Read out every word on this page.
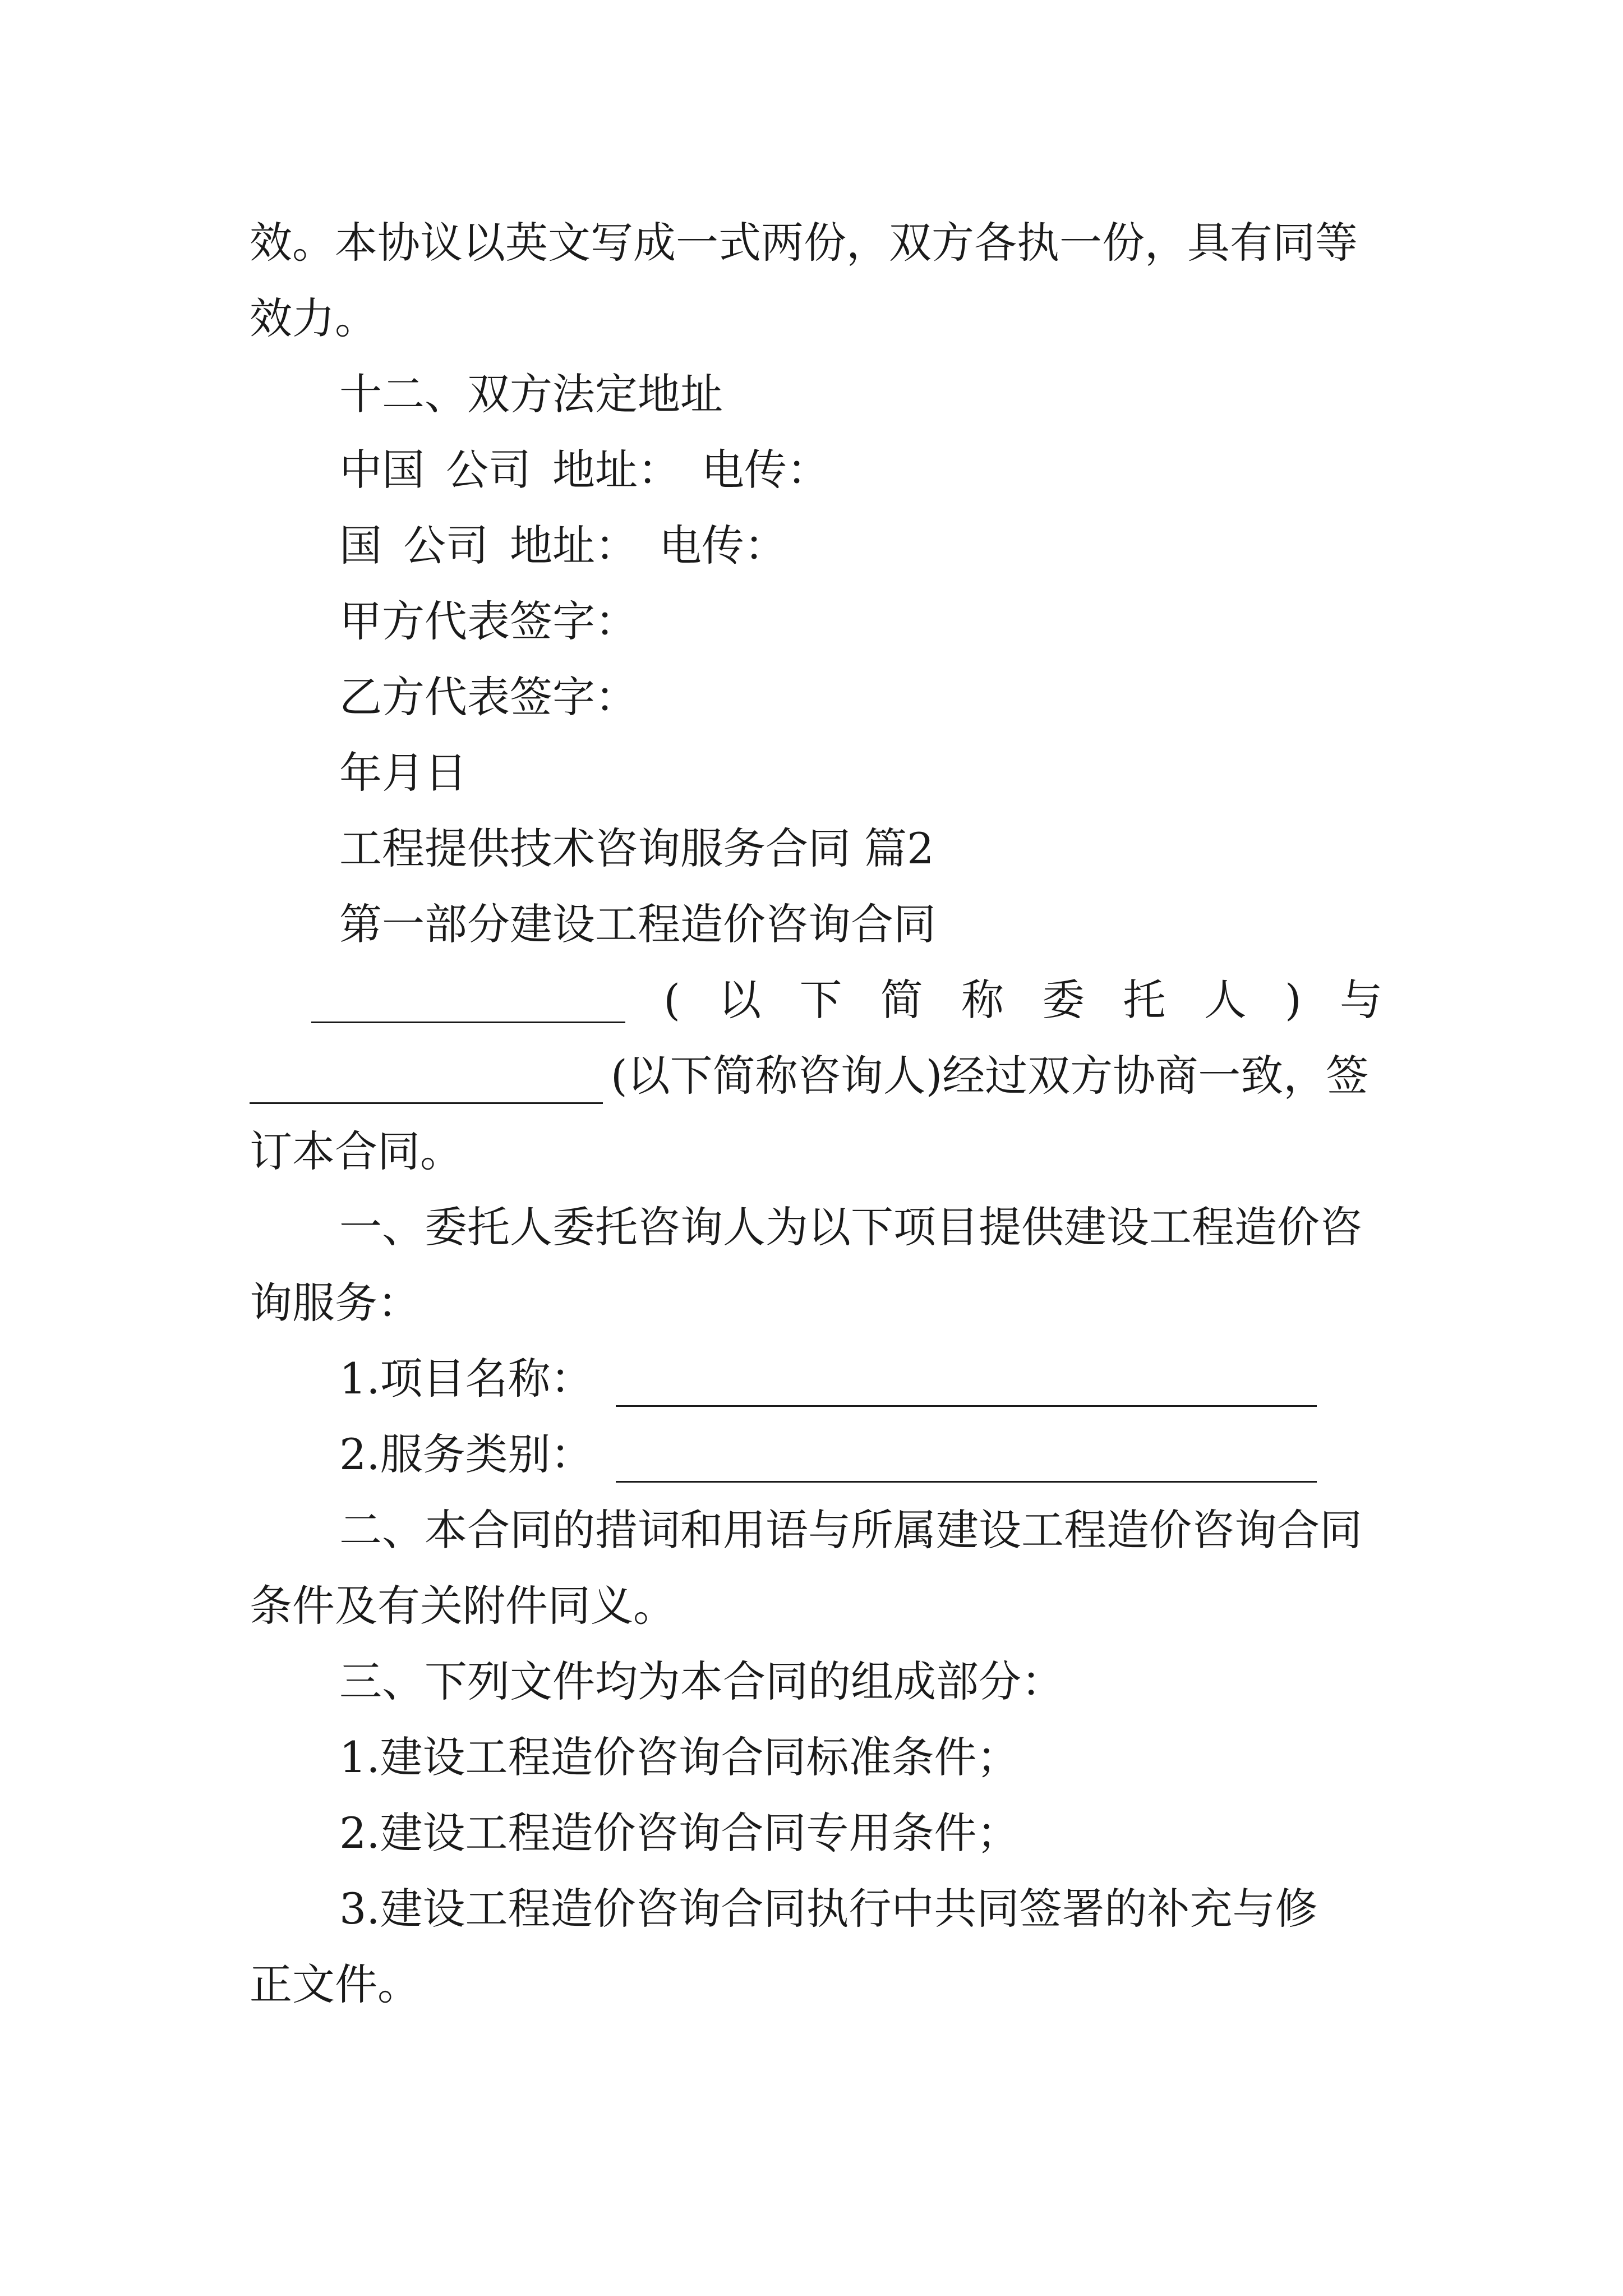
效。本协议以英文写成一式两份，双方各执一份，具有同等
效力。
十二、双方法定地址
中国 公司 地址： 电传：
国 公司 地址： 电传：
甲方代表签字：
乙方代表签字：
年月日
工程提供技术咨询服务合同 篇2
第一部分建设工程造价咨询合同
( 以 下 简 称 委 托 人 ) 与
(以下简称咨询人)经过双方协商一致，签
订本合同。
一、委托人委托咨询人为以下项目提供建设工程造价咨
询服务：
1.项目名称：
2.服务类别：
二、本合同的措词和用语与所属建设工程造价咨询合同
条件及有关附件同义。
三、下列文件均为本合同的组成部分：
1.建设工程造价咨询合同标准条件；
2.建设工程造价咨询合同专用条件；
3.建设工程造价咨询合同执行中共同签署的补充与修
正文件。
